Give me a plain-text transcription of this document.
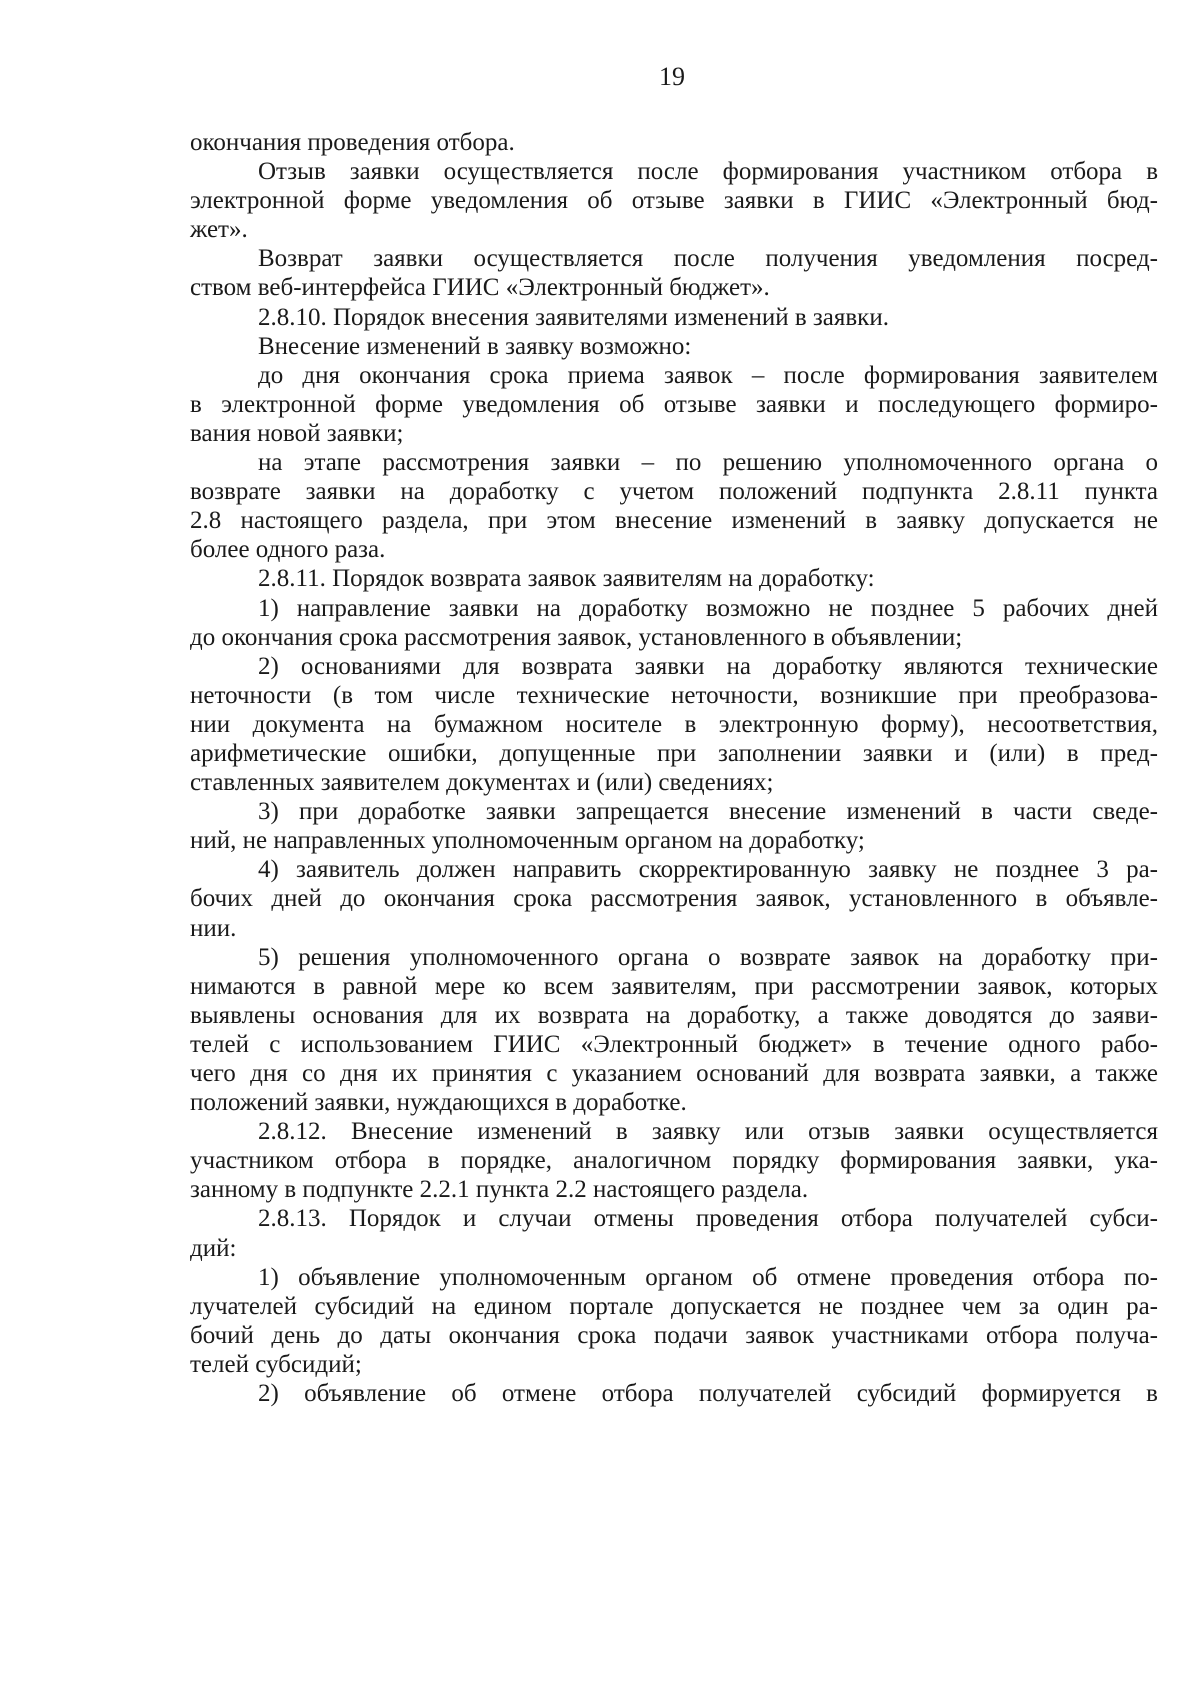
19
окончания проведения отбора.
Отзыв заявки осуществляется после формирования участником отбора в
электронной форме уведомления об отзыве заявки в ГИИС «Электронный бюд-
жет».
Возврат заявки осуществляется после получения уведомления посред-
ством веб-интерфейса ГИИС «Электронный бюджет».
2.8.10. Порядок внесения заявителями изменений в заявки.
Внесение изменений в заявку возможно:
до дня окончания срока приема заявок – после формирования заявителем
в электронной форме уведомления об отзыве заявки и последующего формиро-
вания новой заявки;
на этапе рассмотрения заявки – по решению уполномоченного органа о
возврате заявки на доработку с учетом положений подпункта 2.8.11 пункта
2.8 настоящего раздела, при этом внесение изменений в заявку допускается не
более одного раза.
2.8.11. Порядок возврата заявок заявителям на доработку:
1) направление заявки на доработку возможно не позднее 5 рабочих дней
до окончания срока рассмотрения заявок, установленного в объявлении;
2) основаниями для возврата заявки на доработку являются технические
неточности (в том числе технические неточности, возникшие при преобразова-
нии документа на бумажном носителе в электронную форму), несоответствия,
арифметические ошибки, допущенные при заполнении заявки и (или) в пред-
ставленных заявителем документах и (или) сведениях;
3) при доработке заявки запрещается внесение изменений в части сведе-
ний, не направленных уполномоченным органом на доработку;
4) заявитель должен направить скорректированную заявку не позднее 3 ра-
бочих дней до окончания срока рассмотрения заявок, установленного в объявле-
нии.
5) решения уполномоченного органа о возврате заявок на доработку при-
нимаются в равной мере ко всем заявителям, при рассмотрении заявок, которых
выявлены основания для их возврата на доработку, а также доводятся до заяви-
телей с использованием ГИИС «Электронный бюджет» в течение одного рабо-
чего дня со дня их принятия с указанием оснований для возврата заявки, а также
положений заявки, нуждающихся в доработке.
2.8.12. Внесение изменений в заявку или отзыв заявки осуществляется
участником отбора в порядке, аналогичном порядку формирования заявки, ука-
занному в подпункте 2.2.1 пункта 2.2 настоящего раздела.
2.8.13. Порядок и случаи отмены проведения отбора получателей субси-
дий:
1) объявление уполномоченным органом об отмене проведения отбора по-
лучателей субсидий на едином портале допускается не позднее чем за один ра-
бочий день до даты окончания срока подачи заявок участниками отбора получа-
телей субсидий;
2) объявление об отмене отбора получателей субсидий формируется в
